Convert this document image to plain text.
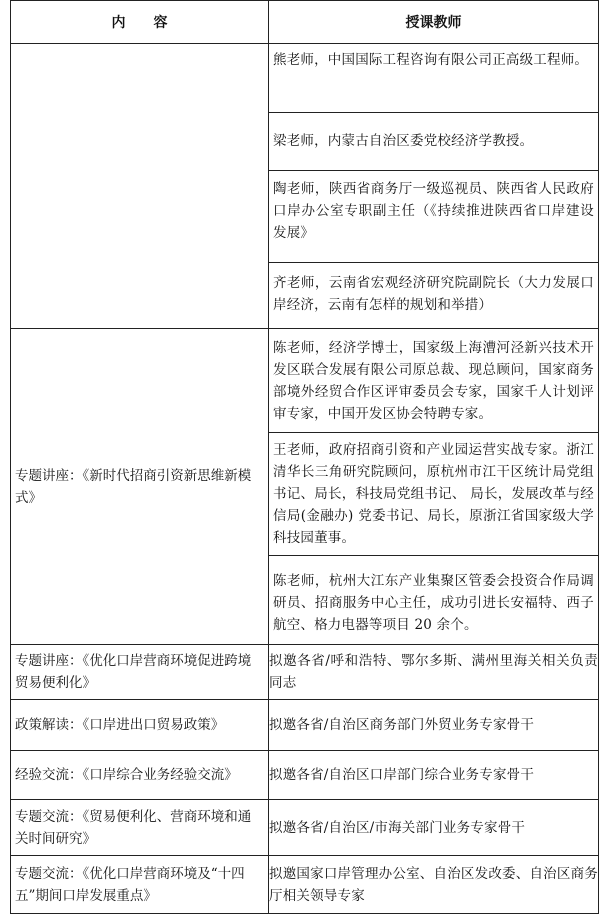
内容	授课教师

	熊老师，中国国际工程咨询有限公司正高级工程师。
梁老师，内蒙古自治区委党校经济学教授。
陶老师，陕西省商务厅一级巡视员、陕西省人民政府口岸办公室专职副主任（《持续推进陕西省口岸建设发展》
齐老师，云南省宏观经济研究院副院长（大力发展口岸经济，云南有怎样的规划和举措）

专题讲座：《新时代招商引资新思维新模式》	陈老师，经济学博士，国家级上海漕河泾新兴技术开发区联合发展有限公司原总裁、现总顾问，国家商务部境外经贸合作区评审委员会专家，国家千人计划评审专家，中国开发区协会特聘专家。
王老师，政府招商引资和产业园运营实战专家。浙江清华长三角研究院顾问，原杭州市江干区统计局党组书记、局长，科技局党组书记、 局长，发展改革与经信局(金融办) 党委书记、局长，原浙江省国家级大学科技园董事。
陈老师，杭州大江东产业集聚区管委会投资合作局调研员、招商服务中心主任，成功引进长安福特、西子航空、格力电器等项目 20 余个。

专题讲座：《优化口岸营商环境促进跨境贸易便利化》	拟邀各省/呼和浩特、鄂尔多斯、满州里海关相关负责同志
政策解读：《口岸进出口贸易政策》	拟邀各省/自治区商务部门外贸业务专家骨干
经验交流：《口岸综合业务经验交流》	拟邀各省/自治区口岸部门综合业务专家骨干
专题交流：《贸易便利化、营商环境和通关时间研究》	拟邀各省/自治区/市海关部门业务专家骨干
专题交流：《优化口岸营商环境及“十四五”期间口岸发展重点》	拟邀国家口岸管理办公室、自治区发改委、自治区商务厅相关领导专家
